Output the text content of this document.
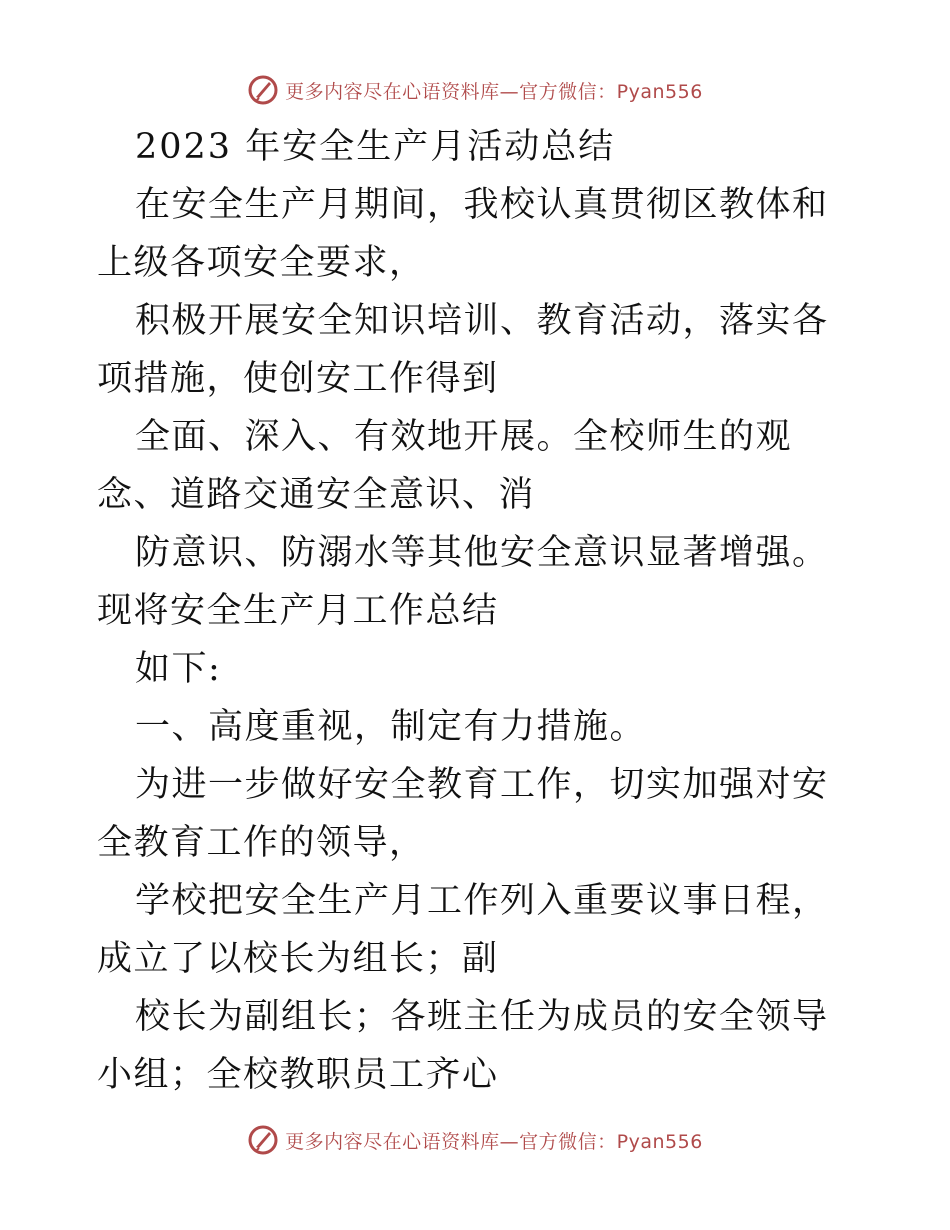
更多内容尽在心语资料库—官方微信：Pyan556

2023 年安全生产月活动总结

在安全生产月期间，我校认真贯彻区教体和上级各项安全要求，

积极开展安全知识培训、教育活动，落实各项措施，使创安工作得到

全面、深入、有效地开展。全校师生的观念、道路交通安全意识、消

防意识、防溺水等其他安全意识显著增强。现将安全生产月工作总结

如下:

一、高度重视，制定有力措施。

为进一步做好安全教育工作，切实加强对安全教育工作的领导，

学校把安全生产月工作列入重要议事日程，成立了以校长为组长；副

校长为副组长；各班主任为成员的安全领导小组；全校教职员工齐心

更多内容尽在心语资料库—官方微信：Pyan556
